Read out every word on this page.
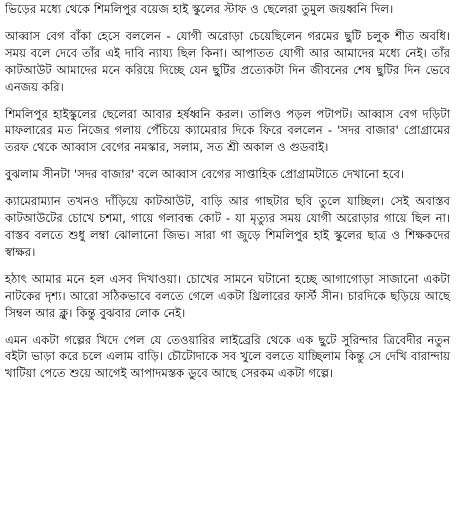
ভিড়ের মধ্যে থেকে শিমলিপুর বয়েজ হাই স্কুলের স্টাফ ও ছেলেরা তুমুল জয়ধ্বনি দিল।

আব্বাস বেগ বাঁকা হেসে বললেন - যোগী অরোড়া চেয়েছিলেন গরমের ছুটি চলুক শীত অবধি। সময় বলে দেবে তাঁর এই দাবি ন্যায্য ছিল কিনা। আপাতত যোগী আর আমাদের মধ্যে নেই। তাঁর কাটআউট আমাদের মনে করিয়ে দিচ্ছে যেন ছুটির প্রত্যেকটা দিন জীবনের শেষ ছুটির দিন ভেবে এনজয় করি।

শিমলিপুর হাইস্কুলের ছেলেরা আবার হর্ষধ্বনি করল। তালিও পড়ল পটাপট। আব্বাস বেগ দড়িটা মাফলারের মত নিজের গলায় পেঁচিয়ে ক্যামেরার দিকে ফিরে বললেন - 'সদর বাজার' প্রোগ্রামের তরফ থেকে আব্বাস বেগের নমস্কার, সলাম, সত শ্রী অকাল ও গুডবাই।

বুঝলাম সীনটা 'সদর বাজার' বলে আব্বাস বেগের সাপ্তাহিক প্রোগ্রামটাতে দেখানো হবে।

ক্যামেরাম্যান তখনও দাঁড়িয়ে কাটআউট, বাড়ি আর গাছটার ছবি তুলে যাচ্ছিল। সেই অবাস্তব কাটআউটের চোখে চশমা, গায়ে গলাবন্ধ কোট - যা মৃত্যুর সময় যোগী অরোড়ার গায়ে ছিল না। বাস্তব বলতে শুধু লম্বা ঝোলানো জিভ। সারা গা জুড়ে শিমলিপুর হাই স্কুলের ছাত্র ও শিক্ষকদের স্বাক্ষর।

হঠাৎ আমার মনে হল এসব দিখাওয়া। চোখের সামনে ঘটানো হচ্ছে আগাগোড়া সাজানো একটা নাটকের দৃশ্য। আরো সঠিকভাবে বলতে গেলে একটা থ্রিলারের ফার্স্ট সীন। চারদিকে ছড়িয়ে আছে সিম্বল আর ক্লু। কিন্তু বুঝবার লোক নেই।

এমন একটা গল্পের খিদে পেল যে তেওয়ারির লাইব্রেরি থেকে এক ছুটে সুরিন্দার ত্রিবেদীর নতুন বইটা ভাড়া করে চলে এলাম বাড়ি। চৌটোদাকে সব খুলে বলতে যাচ্ছিলাম কিন্তু সে দেখি বারান্দায় খাটিয়া পেতে শুয়ে আগেই আপাদমস্তক ডুবে আছে সেরকম একটা গল্পে।
